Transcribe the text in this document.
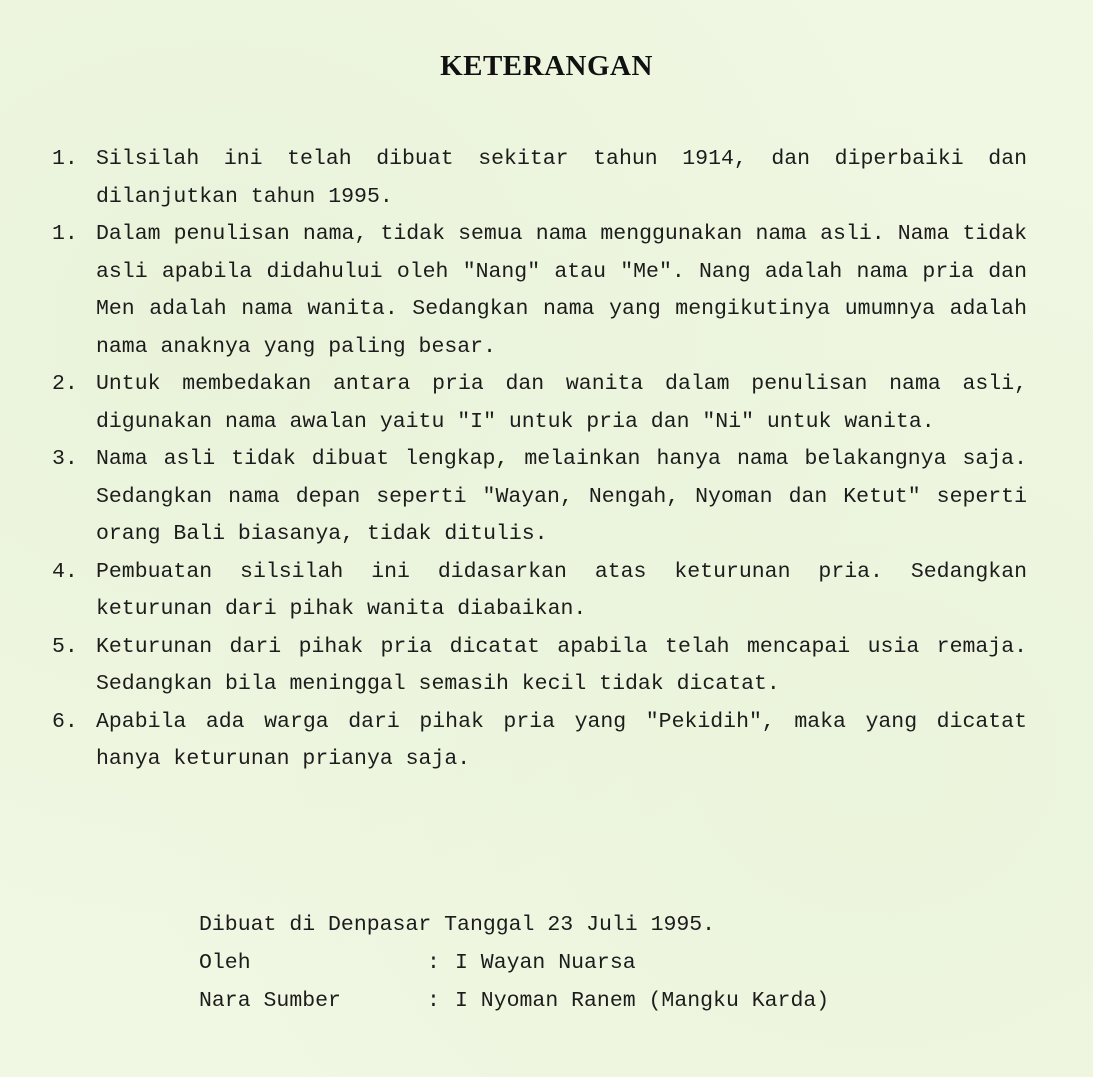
KETERANGAN
1. Silsilah ini telah dibuat sekitar tahun 1914, dan diperbaiki dan dilanjutkan tahun 1995.
1. Dalam penulisan nama, tidak semua nama menggunakan nama asli. Nama tidak asli apabila didahului oleh "Nang" atau "Me". Nang adalah nama pria dan Men adalah nama wanita. Sedangkan nama yang mengikutinya umumnya adalah nama anaknya yang paling besar.
2. Untuk membedakan antara pria dan wanita dalam penulisan nama asli, digunakan nama awalan yaitu "I" untuk pria dan "Ni" untuk wanita.
3. Nama asli tidak dibuat lengkap, melainkan hanya nama belakangnya saja. Sedangkan nama depan seperti "Wayan, Nengah, Nyoman dan Ketut" seperti orang Bali biasanya, tidak ditulis.
4. Pembuatan silsilah ini didasarkan atas keturunan pria. Sedangkan keturunan dari pihak wanita diabaikan.
5. Keturunan dari pihak pria dicatat apabila telah mencapai usia remaja. Sedangkan bila meninggal semasih kecil tidak dicatat.
6. Apabila ada warga dari pihak pria yang "Pekidih", maka yang dicatat hanya keturunan prianya saja.
Dibuat di Denpasar Tanggal 23 Juli 1995.
Oleh	: I Wayan Nuarsa
Nara Sumber	: I Nyoman Ranem (Mangku Karda)
